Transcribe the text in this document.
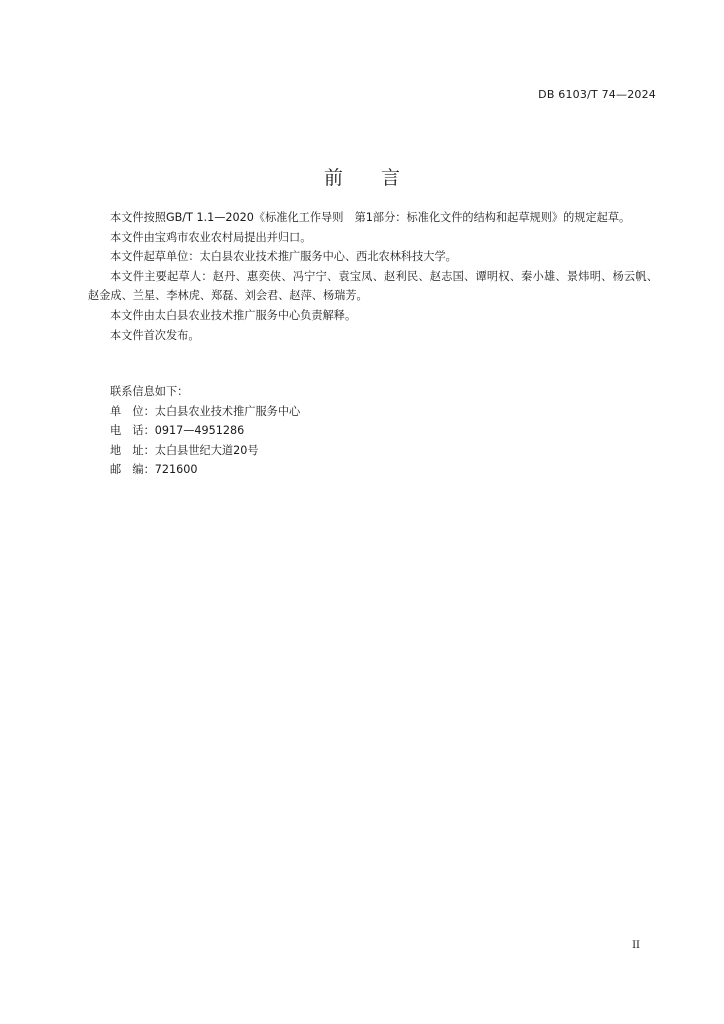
DB 6103/T 74—2024
前言

本文件按照GB/T 1.1—2020《标准化工作导则　第1部分：标准化文件的结构和起草规则》的规定起草。

本文件由宝鸡市农业农村局提出并归口。

本文件起草单位：太白县农业技术推广服务中心、西北农林科技大学。

本文件主要起草人：赵丹、惠奕侠、冯宁宁、袁宝凤、赵利民、赵志国、谭明权、秦小雄、景炜明、杨云帆、赵金成、兰星、李林虎、郑磊、刘会君、赵萍、杨瑞芳。

本文件由太白县农业技术推广服务中心负责解释。

本文件首次发布。

联系信息如下：
单　位：太白县农业技术推广服务中心
电　话：0917—4951286
地　址：太白县世纪大道20号
邮　编：721600
II
